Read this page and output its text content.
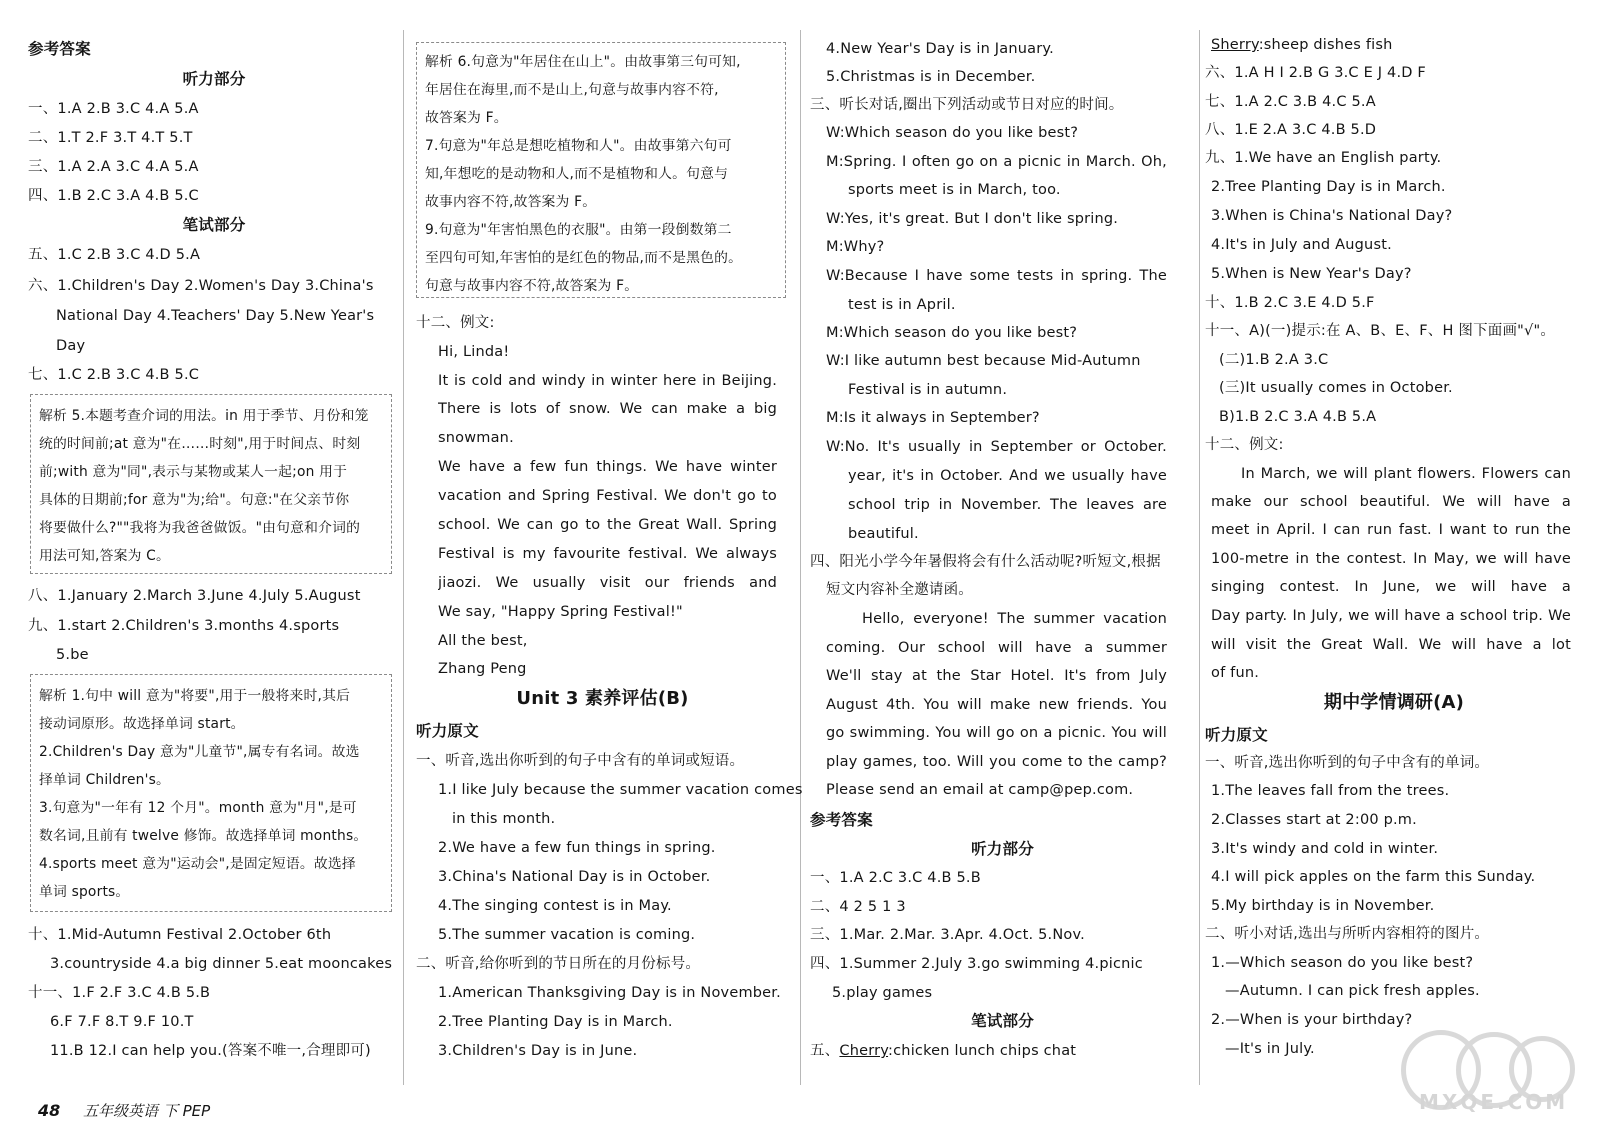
参考答案
听力部分
一、1.A 2.B 3.C 4.A 5.A
二、1.T 2.F 3.T 4.T 5.T
三、1.A 2.A 3.C 4.A 5.A
四、1.B 2.C 3.A 4.B 5.C
笔试部分
五、1.C 2.B 3.C 4.D 5.A
六、1.Children's Day 2.Women's Day 3.China's
National Day 4.Teachers' Day 5.New Year's
Day
七、1.C 2.B 3.C 4.B 5.C
解析 5.本题考查介词的用法。in 用于季节、月份和笼
统的时间前;at 意为"在……时刻",用于时间点、时刻
前;with 意为"同",表示与某物或某人一起;on 用于
具体的日期前;for 意为"为;给"。句意:"在父亲节你
将要做什么?""我将为我爸爸做饭。"由句意和介词的
用法可知,答案为 C。
八、1.January 2.March 3.June 4.July 5.August
九、1.start 2.Children's 3.months 4.sports
5.be
解析 1.句中 will 意为"将要",用于一般将来时,其后
接动词原形。故选择单词 start。
2.Children's Day 意为"儿童节",属专有名词。故选
择单词 Children's。
3.句意为"一年有 12 个月"。month 意为"月",是可
数名词,且前有 twelve 修饰。故选择单词 months。
4.sports meet 意为"运动会",是固定短语。故选择
单词 sports。
十、1.Mid-Autumn Festival 2.October 6th
3.countryside 4.a big dinner 5.eat mooncakes
十一、1.F 2.F 3.C 4.B 5.B
6.F 7.F 8.T 9.F 10.T
11.B 12.I can help you.(答案不唯一,合理即可)
解析 6.句意为"年居住在山上"。由故事第三句可知,
年居住在海里,而不是山上,句意与故事内容不符,
故答案为 F。
7.句意为"年总是想吃植物和人"。由故事第六句可
知,年想吃的是动物和人,而不是植物和人。句意与
故事内容不符,故答案为 F。
9.句意为"年害怕黑色的衣服"。由第一段倒数第二
至四句可知,年害怕的是红色的物品,而不是黑色的。
句意与故事内容不符,故答案为 F。
十二、例文:
Hi, Linda!
It is cold and windy in winter here in Beijing.
There is lots of snow. We can make a big
snowman.
We have a few fun things. We have winter
vacation and Spring Festival. We don't go to
school. We can go to the Great Wall. Spring
Festival is my favourite festival. We always
jiaozi. We usually visit our friends and
We say, "Happy Spring Festival!"
All the best,
Zhang Peng
Unit 3 素养评估(B)
听力原文
一、听音,选出你听到的句子中含有的单词或短语。
1.I like July because the summer vacation comes
in this month.
2.We have a few fun things in spring.
3.China's National Day is in October.
4.The singing contest is in May.
5.The summer vacation is coming.
二、听音,给你听到的节日所在的月份标号。
1.American Thanksgiving Day is in November.
2.Tree Planting Day is in March.
3.Children's Day is in June.
4.New Year's Day is in January.
5.Christmas is in December.
三、听长对话,圈出下列活动或节日对应的时间。
W:Which season do you like best?
M:Spring. I often go on a picnic in March. Oh,
sports meet is in March, too.
W:Yes, it's great. But I don't like spring.
M:Why?
W:Because I have some tests in spring. The
test is in April.
M:Which season do you like best?
W:I like autumn best because Mid-Autumn
Festival is in autumn.
M:Is it always in September?
W:No. It's usually in September or October.
year, it's in October. And we usually have
school trip in November. The leaves are
beautiful.
四、阳光小学今年暑假将会有什么活动呢?听短文,根据
短文内容补全邀请函。
Hello, everyone! The summer vacation
coming. Our school will have a summer
We'll stay at the Star Hotel. It's from July
August 4th. You will make new friends. You
go swimming. You will go on a picnic. You will
play games, too. Will you come to the camp?
Please send an email at camp@pep.com.
参考答案
听力部分
一、1.A 2.C 3.C 4.B 5.B
二、4 2 5 1 3
三、1.Mar. 2.Mar. 3.Apr. 4.Oct. 5.Nov.
四、1.Summer 2.July 3.go swimming 4.picnic
5.play games
笔试部分
五、Cherry:chicken lunch chips chat
Sherry:sheep dishes fish
六、1.A H I 2.B G 3.C E J 4.D F
七、1.A 2.C 3.B 4.C 5.A
八、1.E 2.A 3.C 4.B 5.D
九、1.We have an English party.
2.Tree Planting Day is in March.
3.When is China's National Day?
4.It's in July and August.
5.When is New Year's Day?
十、1.B 2.C 3.E 4.D 5.F
十一、A)(一)提示:在 A、B、E、F、H 图下面画"√"。
(二)1.B 2.A 3.C
(三)It usually comes in October.
B)1.B 2.C 3.A 4.B 5.A
十二、例文:
In March, we will plant flowers. Flowers can
make our school beautiful. We will have a
meet in April. I can run fast. I want to run the
100-metre in the contest. In May, we will have
singing contest. In June, we will have a
Day party. In July, we will have a school trip. We
will visit the Great Wall. We will have a lot
of fun.
期中学情调研(A)
听力原文
一、听音,选出你听到的句子中含有的单词。
1.The leaves fall from the trees.
2.Classes start at 2:00 p.m.
3.It's windy and cold in winter.
4.I will pick apples on the farm this Sunday.
5.My birthday is in November.
二、听小对话,选出与所听内容相符的图片。
1.—Which season do you like best?
—Autumn. I can pick fresh apples.
2.—When is your birthday?
—It's in July.
48 五年级英语 下 PEP	MXQE.COM
